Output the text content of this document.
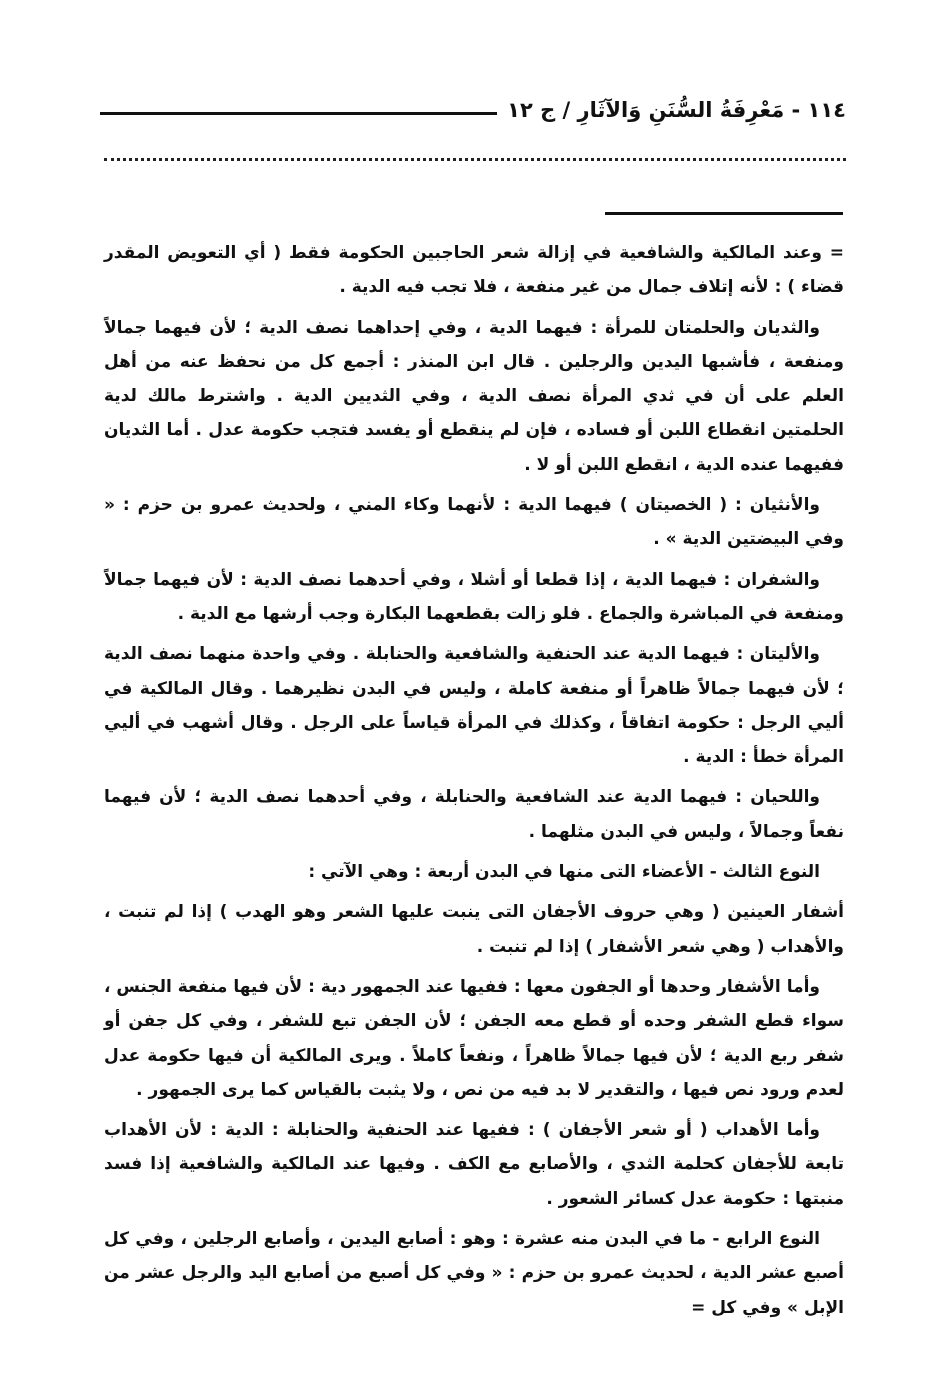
١١٤ - مَعْرِفَةُ السُّنَنِ وَالآثَارِ / ج ١٢

= وعند المالكية والشافعية في إزالة شعر الحاجبين الحكومة فقط ( أي التعويض المقدر قضاء ) : لأنه إتلاف جمال من غير منفعة ، فلا تجب فيه الدية .

والثديان والحلمتان للمرأة : فيهما الدية ، وفي إحداهما نصف الدية ؛ لأن فيهما جمالاً ومنفعة ، فأشبها اليدين والرجلين . قال ابن المنذر : أجمع كل من نحفظ عنه من أهل العلم على أن في ثدي المرأة نصف الدية ، وفي الثديين الدية . واشترط مالك لدية الحلمتين انقطاع اللبن أو فساده ، فإن لم ينقطع أو يفسد فتجب حكومة عدل . أما الثديان ففيهما عنده الدية ، انقطع اللبن أو لا .

والأنثيان : ( الخصيتان ) فيهما الدية : لأنهما وكاء المني ، ولحديث عمرو بن حزم : « وفي البيضتين الدية » .

والشفران : فيهما الدية ، إذا قطعا أو أشلا ، وفي أحدهما نصف الدية : لأن فيهما جمالاً ومنفعة في المباشرة والجماع . فلو زالت بقطعهما البكارة وجب أرشها مع الدية .

والأليتان : فيهما الدية عند الحنفية والشافعية والحنابلة . وفي واحدة منهما نصف الدية ؛ لأن فيهما جمالاً ظاهراً أو منفعة كاملة ، وليس في البدن نظيرهما . وقال المالكية في أليي الرجل : حكومة اتفاقاً ، وكذلك في المرأة قياساً على الرجل . وقال أشهب في أليي المرأة خطأ : الدية .

واللحيان : فيهما الدية عند الشافعية والحنابلة ، وفي أحدهما نصف الدية ؛ لأن فيهما نفعاً وجمالاً ، وليس في البدن مثلهما .

النوع الثالث - الأعضاء التى منها في البدن أربعة : وهي الآتي :

أشفار العينين ( وهي حروف الأجفان التى ينبت عليها الشعر وهو الهدب ) إذا لم تنبت ، والأهداب ( وهي شعر الأشفار ) إذا لم تنبت .

وأما الأشفار وحدها أو الجفون معها : ففيها عند الجمهور دية : لأن فيها منفعة الجنس ، سواء قطع الشفر وحده أو قطع معه الجفن ؛ لأن الجفن تبع للشفر ، وفي كل جفن أو شفر ربع الدية ؛ لأن فيها جمالاً ظاهراً ، ونفعاً كاملاً . ويرى المالكية أن فيها حكومة عدل لعدم ورود نص فيها ، والتقدير لا بد فيه من نص ، ولا يثبت بالقياس كما يرى الجمهور .

وأما الأهداب ( أو شعر الأجفان ) : ففيها عند الحنفية والحنابلة : الدية : لأن الأهداب تابعة للأجفان كحلمة الثدي ، والأصابع مع الكف . وفيها عند المالكية والشافعية إذا فسد منبتها : حكومة عدل كسائر الشعور .

النوع الرابع - ما في البدن منه عشرة : وهو : أصابع اليدين ، وأصابع الرجلين ، وفي كل أصبع عشر الدية ، لحديث عمرو بن حزم : « وفي كل أصبع من أصابع اليد والرجل عشر من الإبل » وفي كل =
